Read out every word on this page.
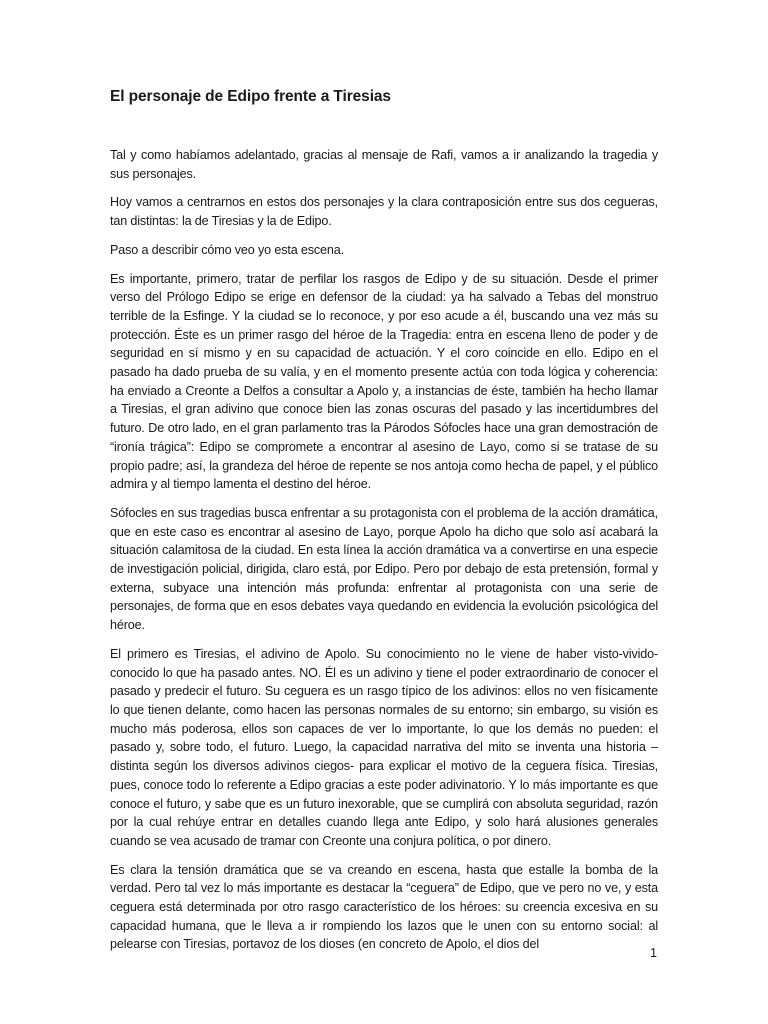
El personaje de Edipo frente a Tiresias

Tal y como habíamos adelantado, gracias al mensaje de Rafi, vamos a ir analizando la tragedia y sus personajes.

Hoy vamos a centrarnos en estos dos personajes y la clara contraposición entre sus dos cegueras, tan distintas: la de Tiresias y la de Edipo.

Paso a describir cómo veo yo esta escena.

Es importante, primero, tratar de perfilar los rasgos de Edipo y de su situación. Desde el primer verso del Prólogo Edipo se erige en defensor de la ciudad: ya ha salvado a Tebas del monstruo terrible de la Esfinge. Y la ciudad se lo reconoce, y por eso acude a él, buscando una vez más su protección. Éste es un primer rasgo del héroe de la Tragedia: entra en escena lleno de poder y de seguridad en sí mismo y en su capacidad de actuación. Y el coro coincide en ello. Edipo en el pasado ha dado prueba de su valía, y en el momento presente actúa con toda lógica y coherencia: ha enviado a Creonte a Delfos a consultar a Apolo y, a instancias de éste, también ha hecho llamar a Tiresias, el gran adivino que conoce bien las zonas oscuras del pasado y las incertidumbres del futuro. De otro lado, en el gran parlamento tras la Párodos Sófocles hace una gran demostración de “ironía trágica”: Edipo se compromete a encontrar al asesino de Layo, como si se tratase de su propio padre; así, la grandeza del héroe de repente se nos antoja como hecha de papel, y el público admira y al tiempo lamenta el destino del héroe.

Sófocles en sus tragedias busca enfrentar a su protagonista con el problema de la acción dramática, que en este caso es encontrar al asesino de Layo, porque Apolo ha dicho que solo así acabará la situación calamitosa de la ciudad. En esta línea la acción dramática va a convertirse en una especie de investigación policial, dirigida, claro está, por Edipo. Pero por debajo de esta pretensión, formal y externa, subyace una intención más profunda: enfrentar al protagonista con una serie de personajes, de forma que en esos debates vaya quedando en evidencia la evolución psicológica del héroe.

El primero es Tiresias, el adivino de Apolo. Su conocimiento no le viene de haber visto-vivido-conocido lo que ha pasado antes. NO. Él es un adivino y tiene el poder extraordinario de conocer el pasado y predecir el futuro. Su ceguera es un rasgo típico de los adivinos: ellos no ven físicamente lo que tienen delante, como hacen las personas normales de su entorno; sin embargo, su visión es mucho más poderosa, ellos son capaces de ver lo importante, lo que los demás no pueden: el pasado y, sobre todo, el futuro. Luego, la capacidad narrativa del mito se inventa una historia –distinta según los diversos adivinos ciegos- para explicar el motivo de la ceguera física. Tiresias, pues, conoce todo lo referente a Edipo gracias a este poder adivinatorio. Y lo más importante es que conoce el futuro, y sabe que es un futuro inexorable, que se cumplirá con absoluta seguridad, razón por la cual rehúye entrar en detalles cuando llega ante Edipo, y solo hará alusiones generales cuando se vea acusado de tramar con Creonte una conjura política, o por dinero.

Es clara la tensión dramática que se va creando en escena, hasta que estalle la bomba de la verdad. Pero tal vez lo más importante es destacar la “ceguera” de Edipo, que ve pero no ve, y esta ceguera está determinada por otro rasgo característico de los héroes: su creencia excesiva en su capacidad humana, que le lleva a ir rompiendo los lazos que le unen con su entorno social: al pelearse con Tiresias, portavoz de los dioses (en concreto de Apolo, el dios del

1
